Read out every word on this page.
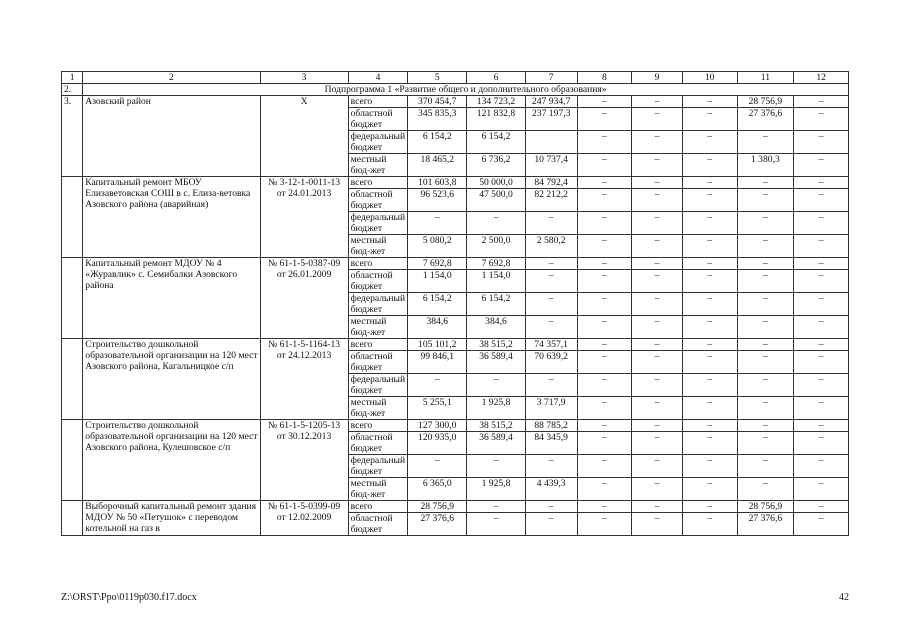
1	2	3	4	5	6	7	8	9	10	11	12
2.	Подпрограмма 1 «Развитие общего и дополнительного образования»										
3.	Азовский район	Х	всего	370 454,7	134 723,2	247 934,7	–	–	–	28 756,9	–
			областной бюджет	345 835,3	121 832,8	237 197,3	–	–	–	27 376,6	–
			федеральный бюджет	6 154,2	6 154,2		–	–	–	–	–
			местный бюд-жет	18 465,2	6 736,2	10 737,4	–	–	–	1 380,3	–
	Капитальный ремонт МБОУ Елизаветовская СОШ в с. Елиза-ветовка Азовского района (аварийная)	№ 3-12-1-0011-13 от 24.01.2013	всего	101 603,8	50 000,0	84 792,4	–	–	–	–	–
			областной бюджет	96 523,6	47 500,0	82 212,2	–	–	–	–	–
			федеральный бюджет	–	–	–	–	–	–	–	–
			местный бюд-жет	5 080,2	2 500,0	2 580,2	–	–	–	–	–
	Капитальный ремонт МДОУ № 4 «Журавлик» с. Семибалки Азовского района	№ 61-1-5-0387-09 от 26.01.2009	всего	7 692,8	7 692,8	–	–	–	–	–	–
			областной бюджет	1 154,0	1 154,0	–	–	–	–	–	–
			федеральный бюджет	6 154,2	6 154,2	–	–	–	–	–	–
			местный бюд-жет	384,6	384,6	–	–	–	–	–	–
	Строительство дошкольной образовательной организации на 120 мест Азовского района, Кагальницкое с/п	№ 61-1-5-1164-13 от 24.12.2013	всего	105 101,2	38 515,2	74 357,1	–	–	–	–	–
			областной бюджет	99 846,1	36 589,4	70 639,2	–	–	–	–	–
			федеральный бюджет	–	–	–	–	–	–	–	–
			местный бюд-жет	5 255,1	1 925,8	3 717,9	–	–	–	–	–
	Строительство дошкольной образовательной организации на 120 мест Азовского района, Кулешовское с/п	№ 61-1-5-1205-13 от 30.12.2013	всего	127 300,0	38 515,2	88 785,2	–	–	–	–	–
			областной бюджет	120 935,0	36 589,4	84 345,9	–	–	–	–	–
			федеральный бюджет	–	–	–	–	–	–	–	–
			местный бюд-жет	6 365,0	1 925,8	4 439,3	–	–	–	–	–
	Выборочный капитальный ремонт здания МДОУ № 50 «Петушок» с переводом котельной на газ в	№ 61-1-5-0399-09 от 12.02.2009	всего	28 756,9	–	–	–	–	–	28 756,9	–
			областной бюджет	27 376,6	–	–	–	–	–	27 376,6	–
Z:\ORST\Ppo\0119p030.f17.docx	42
